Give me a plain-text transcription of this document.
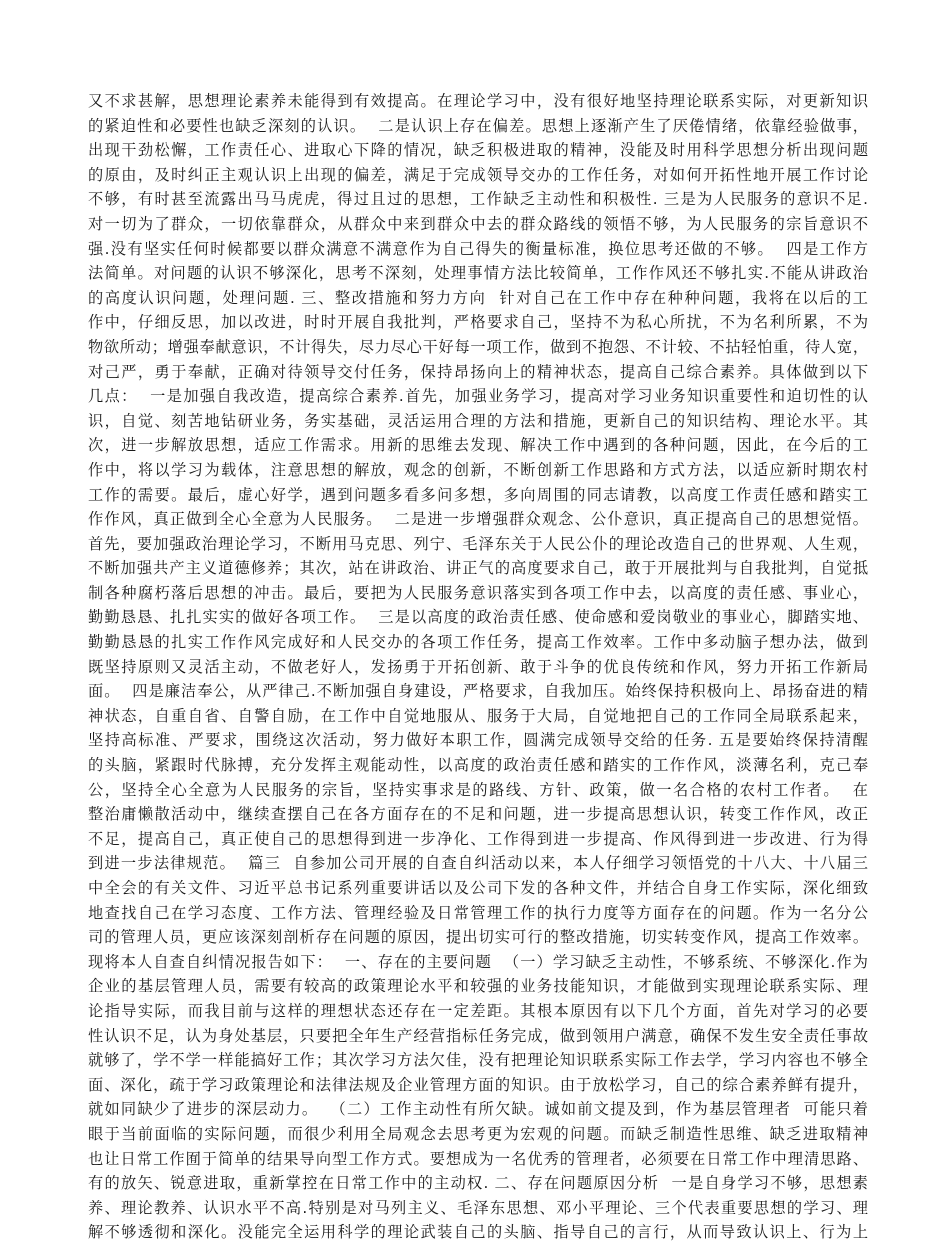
又不求甚解，思想理论素养未能得到有效提高。在理论学习中，没有很好地坚持理论联系实际，对更新知识
的紧迫性和必要性也缺乏深刻的认识。  二是认识上存在偏差。思想上逐渐产生了厌倦情绪，依靠经验做事，
出现干劲松懈，工作责任心、进取心下降的情况，缺乏积极进取的精神，没能及时用科学思想分析出现问题
的原由，及时纠正主观认识上出现的偏差，满足于完成领导交办的工作任务，对如何开拓性地开展工作讨论
不够，有时甚至流露出马马虎虎，得过且过的思想，工作缺乏主动性和积极性. 三是为人民服务的意识不足.
对一切为了群众，一切依靠群众，从群众中来到群众中去的群众路线的领悟不够，为人民服务的宗旨意识不
强.没有坚实任何时候都要以群众满意不满意作为自己得失的衡量标准，换位思考还做的不够。  四是工作方
法简单。对问题的认识不够深化，思考不深刻，处理事情方法比较简单，工作作风还不够扎实.不能从讲政治
的高度认识问题，处理问题. 三、整改措施和努力方向  针对自己在工作中存在种种问题，我将在以后的工
作中，仔细反思，加以改进，时时开展自我批判，严格要求自己，坚持不为私心所扰，不为名利所累，不为
物欲所动；增强奉献意识，不计得失，尽力尽心干好每一项工作，做到不抱怨、不计较、不拈轻怕重，待人宽，
对己严，勇于奉献，正确对待领导交付任务，保持昂扬向上的精神状态，提高自己综合素养。具体做到以下
几点：  一是加强自我改造，提高综合素养.首先，加强业务学习，提高对学习业务知识重要性和迫切性的认
识，自觉、刻苦地钻研业务，务实基础，灵活运用合理的方法和措施，更新自己的知识结构、理论水平。其
次，进一步解放思想，适应工作需求。用新的思维去发现、解决工作中遇到的各种问题，因此，在今后的工
作中，将以学习为载体，注意思想的解放，观念的创新，不断创新工作思路和方式方法，以适应新时期农村
工作的需要。最后，虚心好学，遇到问题多看多问多想，多向周围的同志请教，以高度工作责任感和踏实工
作作风，真正做到全心全意为人民服务。  二是进一步增强群众观念、公仆意识，真正提高自己的思想觉悟。
首先，要加强政治理论学习，不断用马克思、列宁、毛泽东关于人民公仆的理论改造自己的世界观、人生观，
不断加强共产主义道德修养；其次，站在讲政治、讲正气的高度要求自己，敢于开展批判与自我批判，自觉抵
制各种腐朽落后思想的冲击。最后，要把为人民服务意识落实到各项工作中去，以高度的责任感、事业心，
勤勤恳恳、扎扎实实的做好各项工作。  三是以高度的政治责任感、使命感和爱岗敬业的事业心，脚踏实地、
勤勤恳恳的扎实工作作风完成好和人民交办的各项工作任务，提高工作效率。工作中多动脑子想办法，做到
既坚持原则又灵活主动，不做老好人，发扬勇于开拓创新、敢于斗争的优良传统和作风，努力开拓工作新局
面。  四是廉洁奉公，从严律己.不断加强自身建设，严格要求，自我加压。始终保持积极向上、昂扬奋进的精
神状态，自重自省、自警自励，在工作中自觉地服从、服务于大局，自觉地把自己的工作同全局联系起来，
坚持高标准、严要求，围绕这次活动，努力做好本职工作，圆满完成领导交给的任务. 五是要始终保持清醒
的头脑，紧跟时代脉搏，充分发挥主观能动性，以高度的政治责任感和踏实的工作作风，淡薄名利，克己奉
公，坚持全心全意为人民服务的宗旨，坚持实事求是的路线、方针、政策，做一名合格的农村工作者。  在
整治庸懒散活动中，继续查摆自己在各方面存在的不足和问题，进一步提高思想认识，转变工作作风，改正
不足，提高自己，真正使自己的思想得到进一步净化、工作得到进一步提高、作风得到进一步改进、行为得
到进一步法律规范。  篇三  自参加公司开展的自查自纠活动以来，本人仔细学习领悟党的十八大、十八届三
中全会的有关文件、习近平总书记系列重要讲话以及公司下发的各种文件，并结合自身工作实际，深化细致
地查找自己在学习态度、工作方法、管理经验及日常管理工作的执行力度等方面存在的问题。作为一名分公
司的管理人员，更应该深刻剖析存在问题的原因，提出切实可行的整改措施，切实转变作风，提高工作效率。
现将本人自查自纠情况报告如下：  一、存在的主要问题  （一）学习缺乏主动性，不够系统、不够深化.作为
企业的基层管理人员，需要有较高的政策理论水平和较强的业务技能知识，才能做到实现理论联系实际、理
论指导实际，而我目前与这样的理想状态还存在一定差距。其根本原因有以下几个方面，首先对学习的必要
性认识不足，认为身处基层，只要把全年生产经营指标任务完成，做到领用户满意，确保不发生安全责任事故
就够了，学不学一样能搞好工作；其次学习方法欠佳，没有把理论知识联系实际工作去学，学习内容也不够全
面、深化，疏于学习政策理论和法律法规及企业管理方面的知识。由于放松学习，自己的综合素养鲜有提升，
就如同缺少了进步的深层动力。  （二）工作主动性有所欠缺。诚如前文提及到，作为基层管理者  可能只着
眼于当前面临的实际问题，而很少利用全局观念去思考更为宏观的问题。而缺乏制造性思维、缺乏进取精神
也让日常工作囿于简单的结果导向型工作方式。要想成为一名优秀的管理者，必须要在日常工作中理清思路、
有的放矢、锐意进取，重新掌控在日常工作中的主动权. 二、存在问题原因分析  一是自身学习不够，思想素
养、理论教养、认识水平不高.特别是对马列主义、毛泽东思想、邓小平理论、三个代表重要思想的学习、理
解不够透彻和深化。没能完全运用科学的理论武装自己的头脑、指导自己的言行，从而导致认识上、行为上
